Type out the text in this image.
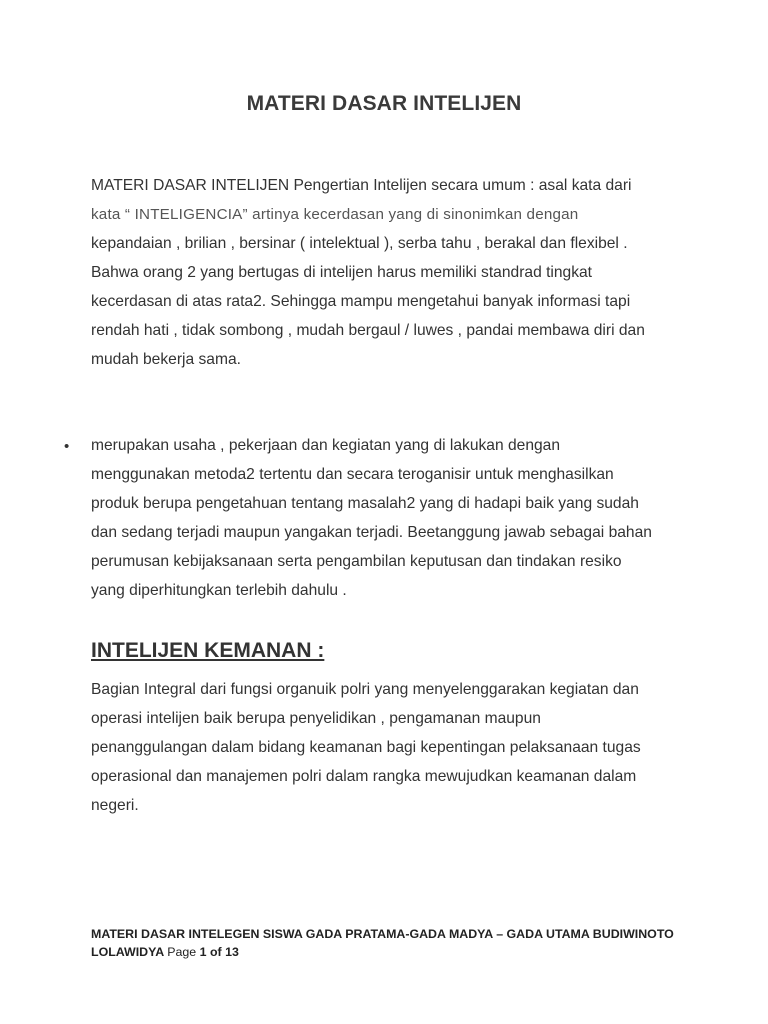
MATERI DASAR INTELIJEN

MATERI DASAR INTELIJEN Pengertian Intelijen secara umum : asal kata dari

kata “ INTELIGENCIA” artinya kecerdasan yang di sinonimkan dengan

kepandaian , brilian , bersinar ( intelektual ), serba tahu , berakal dan flexibel .

Bahwa orang 2 yang bertugas di intelijen harus memiliki standrad tingkat

kecerdasan di atas rata2. Sehingga mampu mengetahui banyak informasi tapi

rendah hati , tidak sombong , mudah bergaul / luwes , pandai membawa diri dan

mudah bekerja sama.

• merupakan usaha , pekerjaan dan kegiatan yang di lakukan dengan

menggunakan metoda2 tertentu dan secara teroganisir untuk menghasilkan

produk berupa pengetahuan tentang masalah2 yang di hadapi baik yang sudah

dan sedang terjadi maupun yangakan terjadi. Beetanggung jawab sebagai bahan

perumusan kebijaksanaan serta pengambilan keputusan dan tindakan resiko

yang diperhitungkan terlebih dahulu .

INTELIJEN KEMANAN :

Bagian Integral dari fungsi organuik polri yang menyelenggarakan kegiatan dan

operasi intelijen baik berupa penyelidikan , pengamanan maupun

penanggulangan dalam bidang keamanan bagi kepentingan pelaksanaan tugas

operasional dan manajemen polri dalam rangka mewujudkan keamanan dalam

negeri.

MATERI DASAR INTELEGEN SISWA GADA PRATAMA-GADA MADYA – GADA UTAMA BUDIWINOTO

LOLAWIDYA Page 1 of 13
